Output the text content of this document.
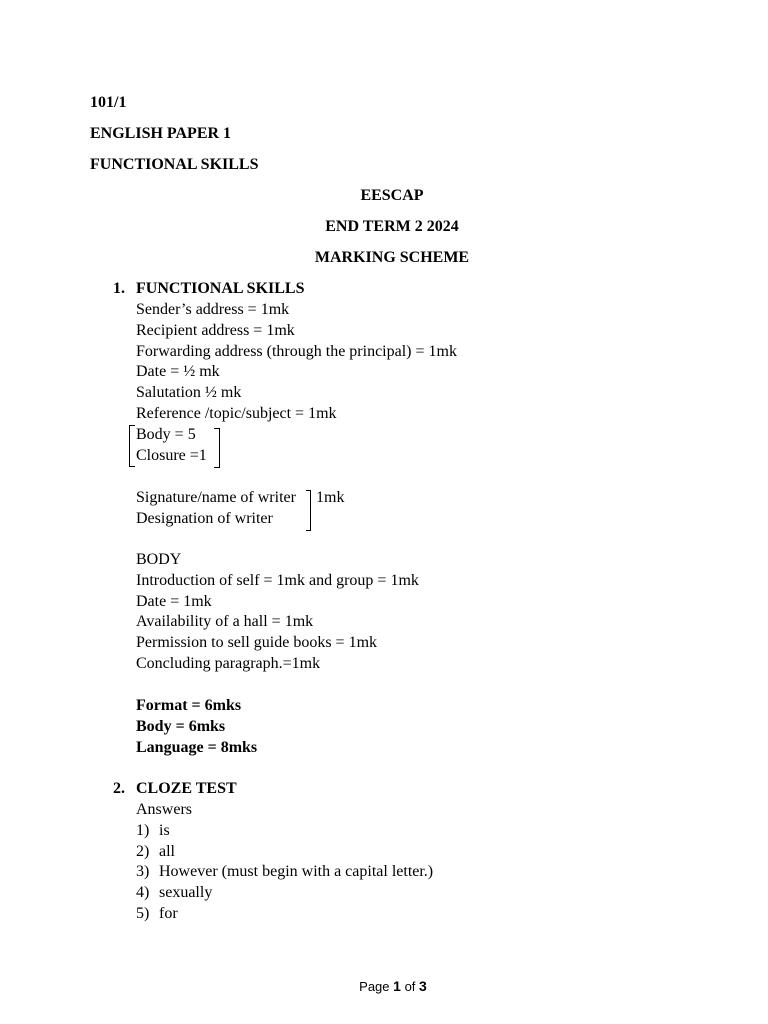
101/1
ENGLISH PAPER 1
FUNCTIONAL SKILLS
EESCAP
END TERM 2 2024
MARKING SCHEME
1. FUNCTIONAL SKILLS
Sender’s address = 1mk
Recipient address = 1mk
Forwarding address (through the principal) = 1mk
Date = ½ mk
Salutation ½ mk
Reference /topic/subject = 1mk
Body = 5
Closure =1
Signature/name of writer
Designation of writer
1mk
BODY
Introduction of self = 1mk and group = 1mk
Date = 1mk
Availability of a hall = 1mk
Permission to sell guide books = 1mk
Concluding paragraph.=1mk
Format = 6mks
Body = 6mks
Language = 8mks
2. CLOZE TEST
Answers
1) is
2) all
3) However (must begin with a capital letter.)
4) sexually
5) for
Page 1 of 3
